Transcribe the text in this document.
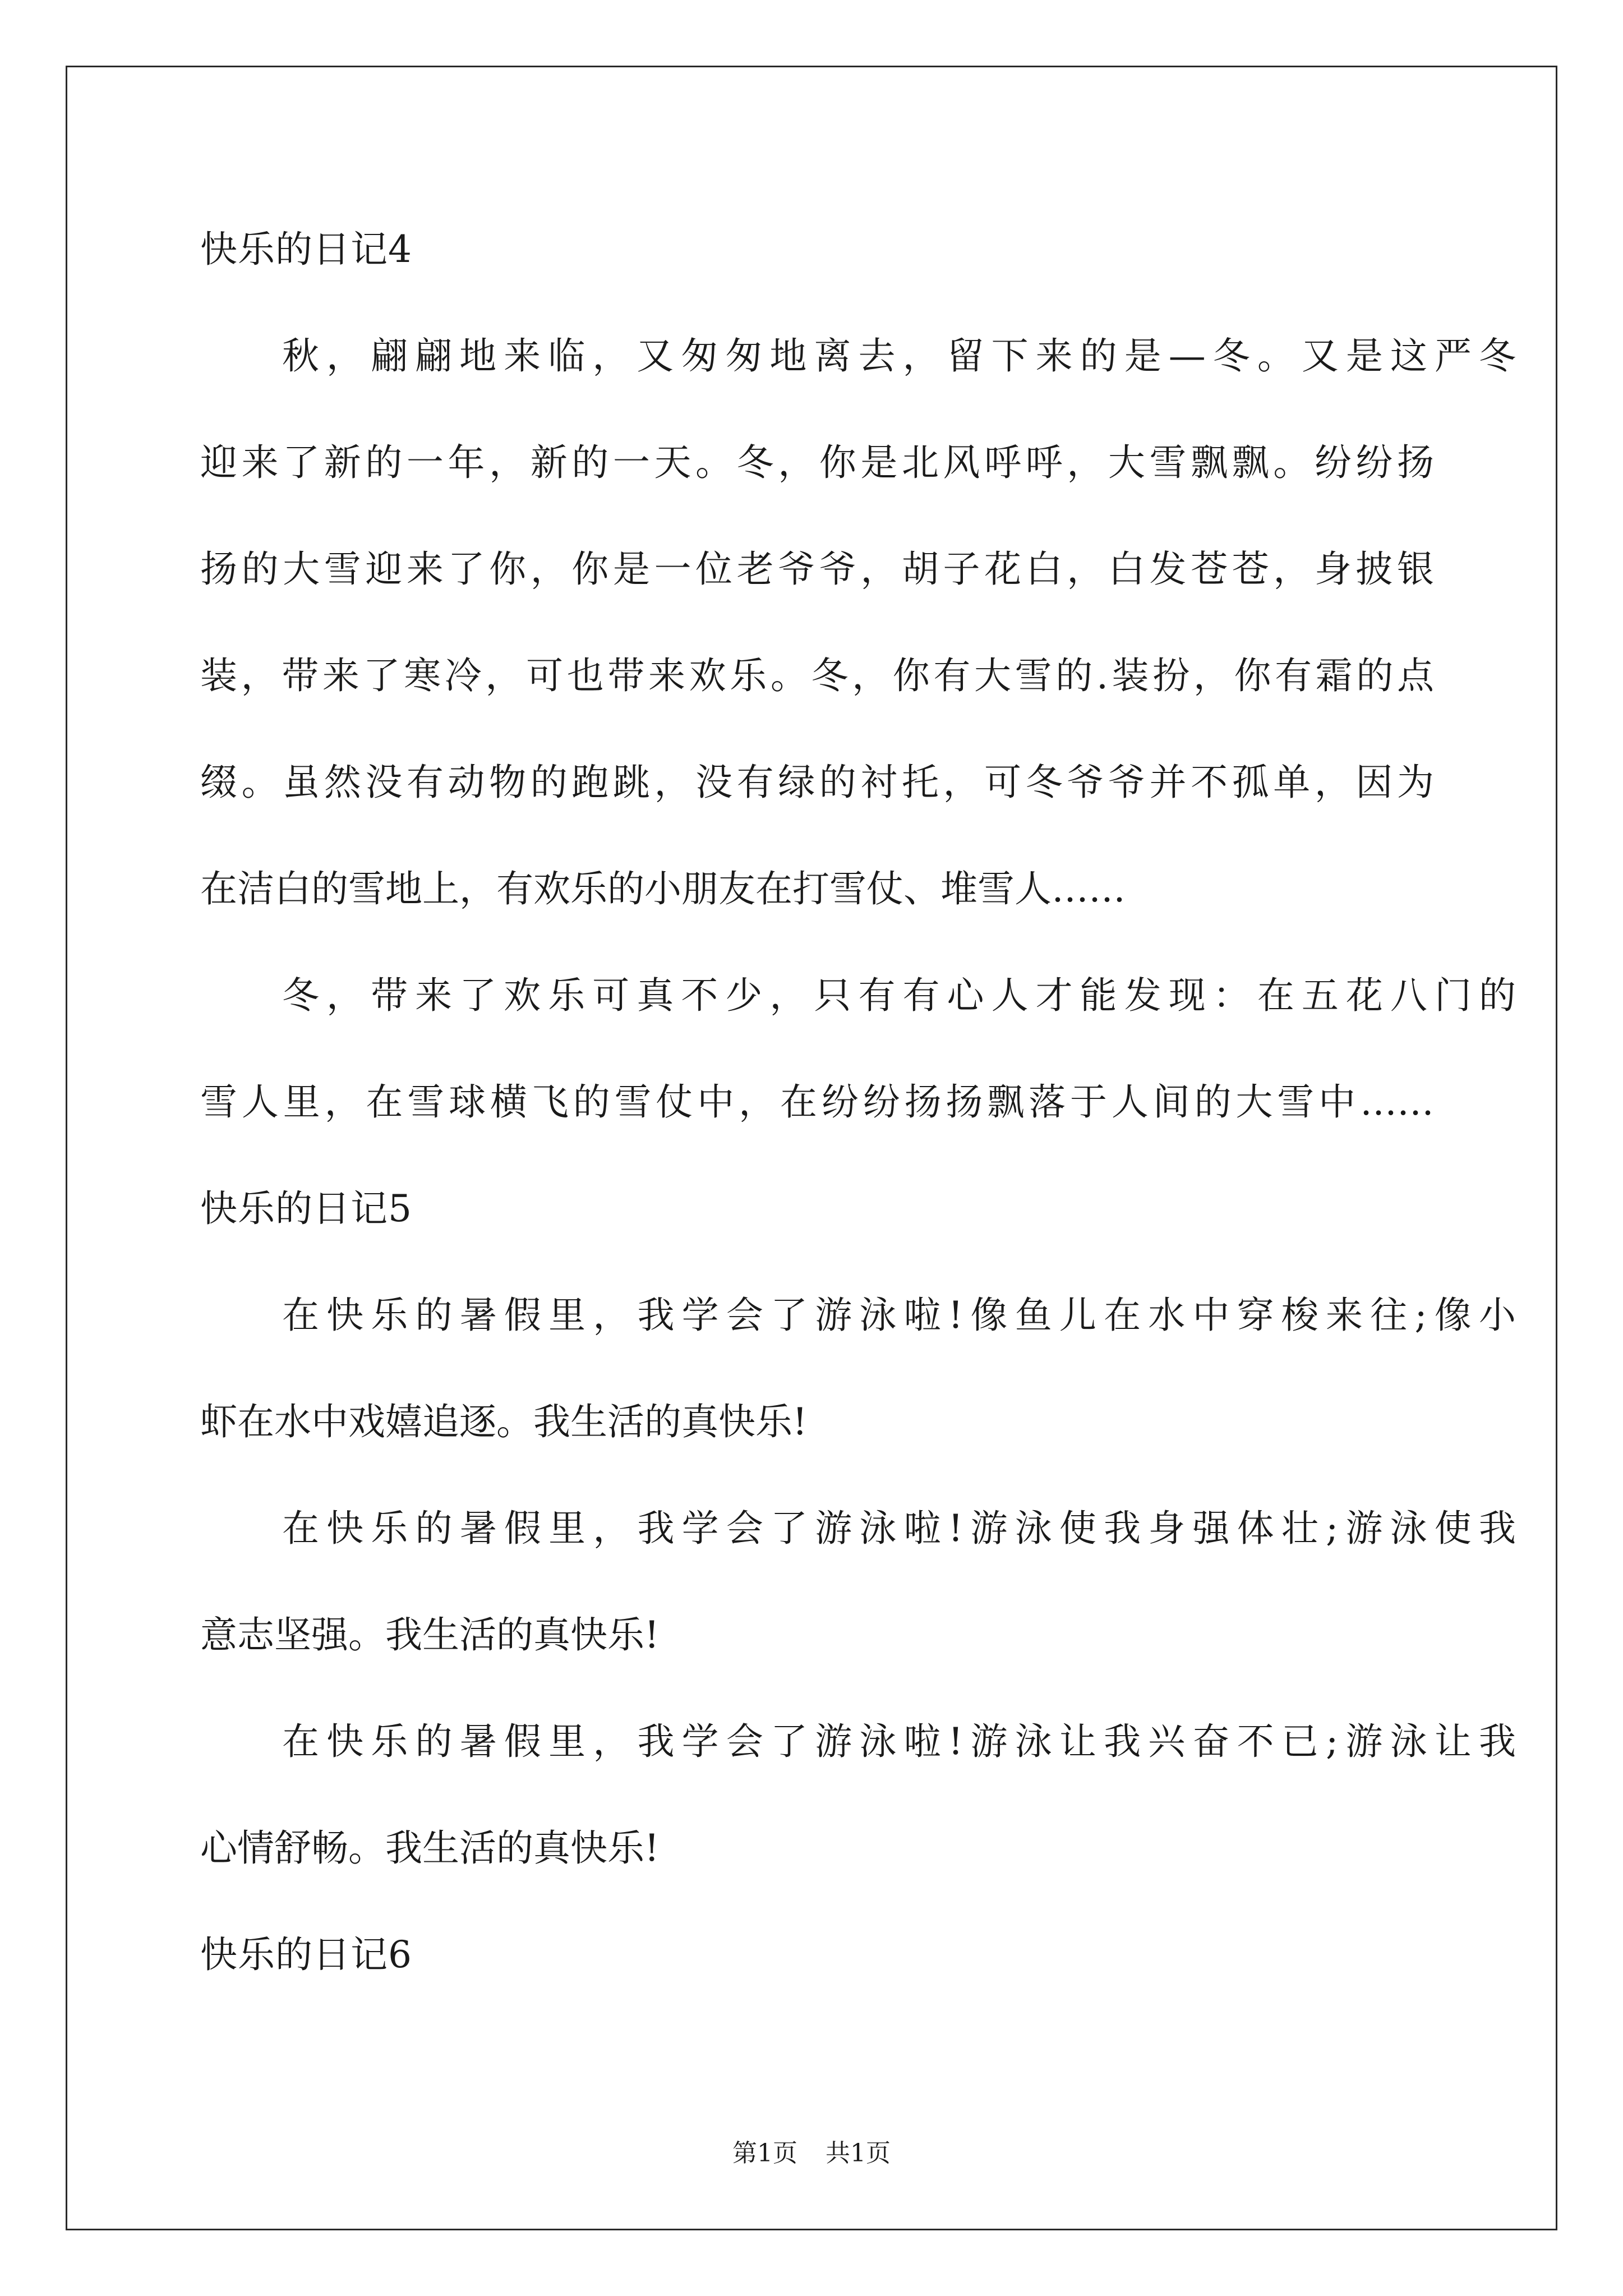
快乐的日记4
秋，翩翩地来临，又匆匆地离去，留下来的是—冬。又是这严冬
迎来了新的一年，新的一天。冬，你是北风呼呼，大雪飘飘。纷纷扬
扬的大雪迎来了你，你是一位老爷爷，胡子花白，白发苍苍，身披银
装，带来了寒冷，可也带来欢乐。冬，你有大雪的.装扮，你有霜的点
缀。虽然没有动物的跑跳，没有绿的衬托，可冬爷爷并不孤单，因为
在洁白的雪地上，有欢乐的小朋友在打雪仗、堆雪人……
冬，带来了欢乐可真不少，只有有心人才能发现：在五花八门的
雪人里，在雪球横飞的雪仗中，在纷纷扬扬飘落于人间的大雪中……
快乐的日记5
在快乐的暑假里，我学会了游泳啦!像鱼儿在水中穿梭来往;像小
虾在水中戏嬉追逐。我生活的真快乐!
在快乐的暑假里，我学会了游泳啦!游泳使我身强体壮;游泳使我
意志坚强。我生活的真快乐!
在快乐的暑假里，我学会了游泳啦!游泳让我兴奋不已;游泳让我
心情舒畅。我生活的真快乐!
快乐的日记6
第1页 共1页
